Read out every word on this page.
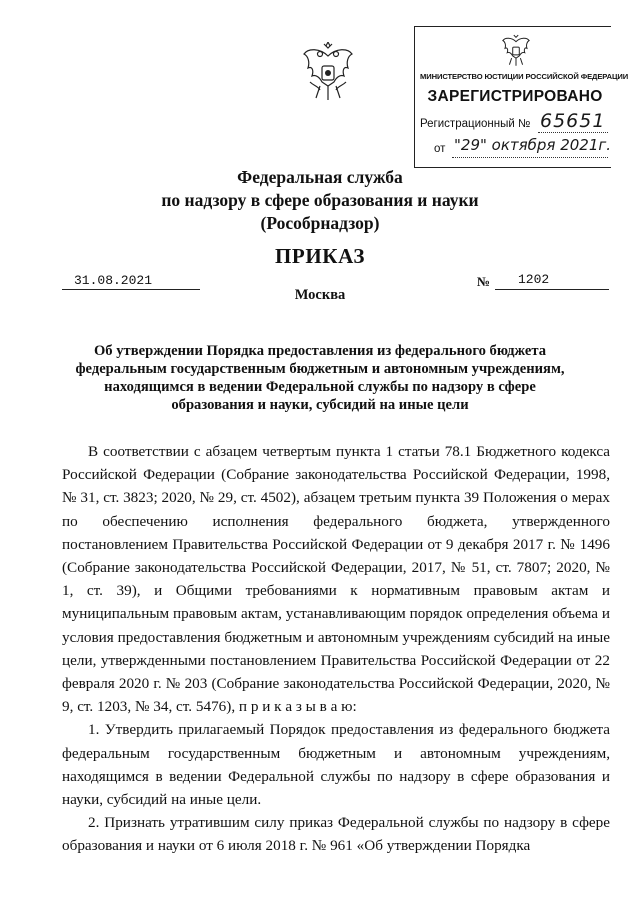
МИНИСТЕРСТВО ЮСТИЦИИ РОССИЙСКОЙ ФЕДЕРАЦИИ
ЗАРЕГИСТРИРОВАНО
Регистрационный № 65651
от "29" октября 2021г.
Федеральная служба
по надзору в сфере образования и науки
(Рособрнадзор)
ПРИКАЗ
31.08.2021	№ 1202
Москва
Об утверждении Порядка предоставления из федерального бюджета
федеральным государственным бюджетным и автономным учреждениям,
находящимся в ведении Федеральной службы по надзору в сфере
образования и науки, субсидий на иные цели

В соответствии с абзацем четвертым пункта 1 статьи 78.1 Бюджетного кодекса Российской Федерации (Собрание законодательства Российской Федерации, 1998, № 31, ст. 3823; 2020, № 29, ст. 4502), абзацем третьим пункта 39 Положения о мерах по обеспечению исполнения федерального бюджета, утвержденного постановлением Правительства Российской Федерации от 9 декабря 2017 г. № 1496 (Собрание законодательства Российской Федерации, 2017, № 51, ст. 7807; 2020, № 1, ст. 39), и Общими требованиями к нормативным правовым актам и муниципальным правовым актам, устанавливающим порядок определения объема и условия предоставления бюджетным и автономным учреждениям субсидий на иные цели, утвержденными постановлением Правительства Российской Федерации от 22 февраля 2020 г. № 203 (Собрание законодательства Российской Федерации, 2020, № 9, ст. 1203, № 34, ст. 5476), п р и к а з ы в а ю:

1. Утвердить прилагаемый Порядок предоставления из федерального бюджета федеральным государственным бюджетным и автономным учреждениям, находящимся в ведении Федеральной службы по надзору в сфере образования и науки, субсидий на иные цели.

2. Признать утратившим силу приказ Федеральной службы по надзору в сфере образования и науки от 6 июля 2018 г. № 961 «Об утверждении Порядка
